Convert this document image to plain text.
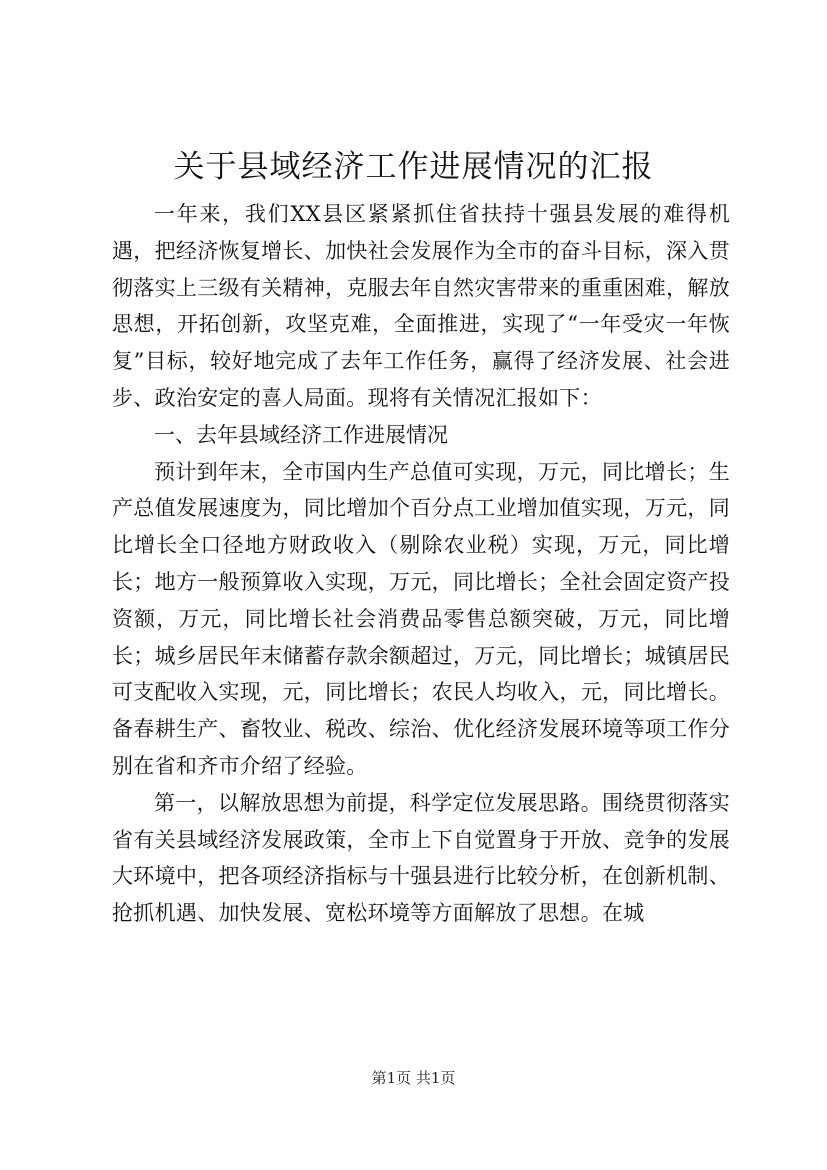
关于县域经济工作进展情况的汇报

一年来，我们XX县区紧紧抓住省扶持十强县发展的难得机遇，把经济恢复增长、加快社会发展作为全市的奋斗目标，深入贯彻落实上三级有关精神，克服去年自然灾害带来的重重困难，解放思想，开拓创新，攻坚克难，全面推进，实现了“一年受灾一年恢复”目标，较好地完成了去年工作任务，赢得了经济发展、社会进步、政治安定的喜人局面。现将有关情况汇报如下：

一、去年县域经济工作进展情况

预计到年末，全市国内生产总值可实现，万元，同比增长；生产总值发展速度为，同比增加个百分点工业增加值实现，万元，同比增长全口径地方财政收入（剔除农业税）实现，万元，同比增长；地方一般预算收入实现，万元，同比增长；全社会固定资产投资额，万元，同比增长社会消费品零售总额突破，万元，同比增长；城乡居民年末储蓄存款余额超过，万元，同比增长；城镇居民可支配收入实现，元，同比增长；农民人均收入，元，同比增长。备春耕生产、畜牧业、税改、综治、优化经济发展环境等项工作分别在省和齐市介绍了经验。

第一，以解放思想为前提，科学定位发展思路。围绕贯彻落实省有关县域经济发展政策，全市上下自觉置身于开放、竞争的发展大环境中，把各项经济指标与十强县进行比较分析，在创新机制、抢抓机遇、加快发展、宽松环境等方面解放了思想。在城

第1页 共1页
